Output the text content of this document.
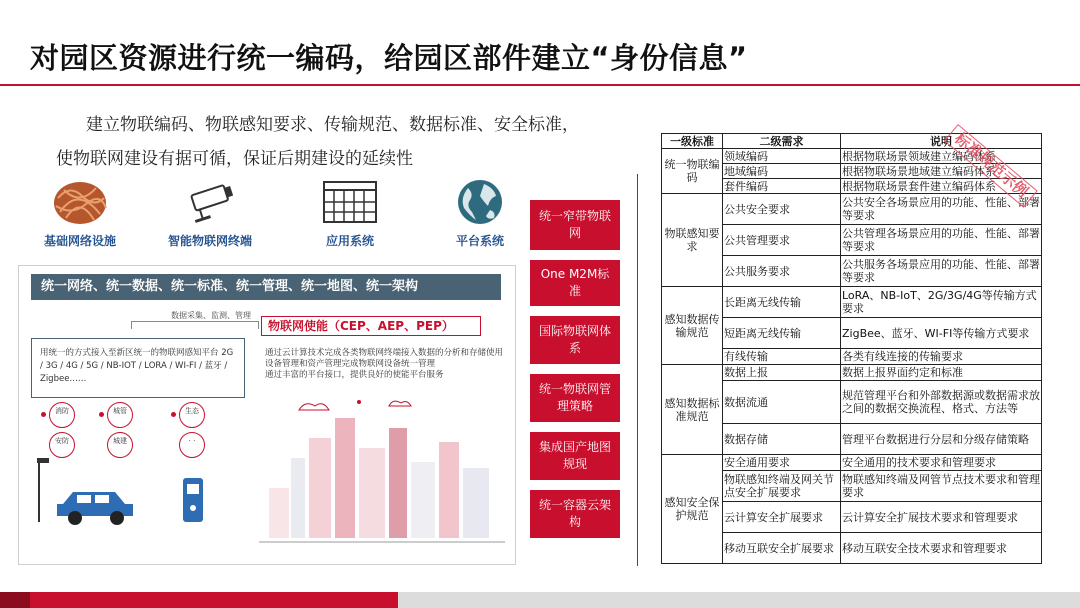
对园区资源进行统一编码，给园区部件建立“身份信息”
建立物联编码、物联感知要求、传输规范、数据标准、安全标准，
使物联网建设有据可循，保证后期建设的延续性
基础网络设施	智能物联网终端	应用系统	平台系统
统一网络、统一数据、统一标准、统一管理、统一地图、统一架构
数据采集、监测、管理
物联网使能（CEP、AEP、PEP）
用统一的方式接入至新区统一的物联网感知平台 2G / 3G / 4G / 5G / NB-IOT / LORA / WI-FI / 蓝牙 / Zigbee……
通过云计算技术完成各类物联网终端接入数据的分析和存储使用设备管理和资产管理完成物联网设备统一管理
通过丰富的平台接口，提供良好的使能平台服务
消防
安防
城管
城建
生态
· ·
统一窄带物联网
One M2M标准
国际物联网体系
统一物联网管理策略
集成国产地图规现
统一容器云架构
一级标准	二级需求	说明
统一物联编码	领域编码	根据物联场景领域建立编码体系
	地域编码	根据物联场景地域建立编码体系
	套件编码	根据物联场景套件建立编码体系
物联感知要求	公共安全要求	公共安全各场景应用的功能、性能、部署等要求
	公共管理要求	公共管理各场景应用的功能、性能、部署等要求
	公共服务要求	公共服务各场景应用的功能、性能、部署等要求
感知数据传输规范	长距离无线传输	LoRA、NB-IoT、2G/3G/4G等传输方式要求
	短距离无线传输	ZigBee、蓝牙、WI-FI等传输方式要求
	有线传输	各类有线连接的传输要求
感知数据标准规范	数据上报	数据上报界面约定和标准
	数据流通	规范管理平台和外部数据源或数据需求放之间的数据交换流程、格式、方法等
	数据存储	管理平台数据进行分层和分级存储策略
感知安全保护规范	安全通用要求	安全通用的技术要求和管理要求
	物联感知终端及网关节点安全扩展要求	物联感知终端及网管节点技术要求和管理要求
	云计算安全扩展要求	云计算安全扩展技术要求和管理要求
	移动互联安全扩展要求	移动互联安全技术要求和管理要求
标准规范示例
